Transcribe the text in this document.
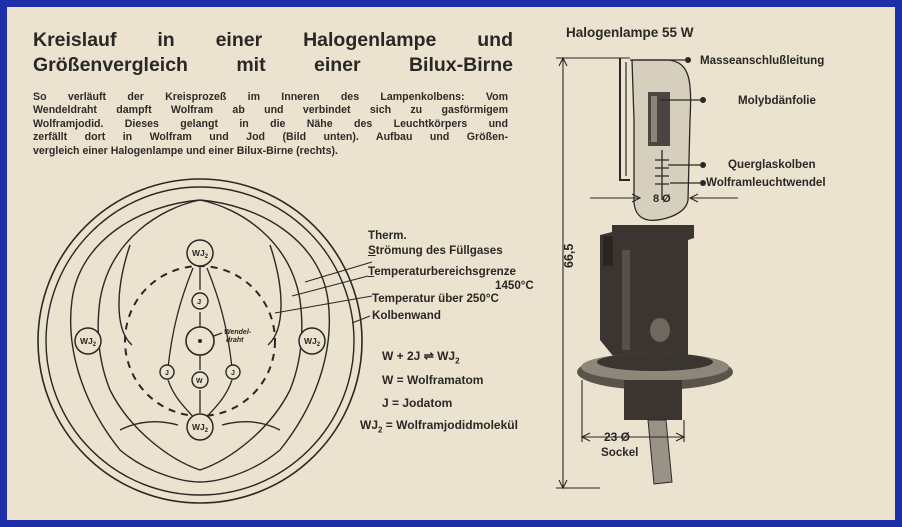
Kreislauf in einer Halogenlampe und
Größenvergleich mit einer Bilux-Birne

So verläuft der Kreisprozeß im Inneren des Lampenkolbens: Vom
Wendeldraht dampft Wolfram ab und verbindet sich zu gasförmigem
Wolframjodid. Dieses gelangt in die Nähe des Leuchtkörpers und
zerfällt dort in Wolfram und Jod (Bild unten). Aufbau und Größen-
vergleich einer Halogenlampe und einer Bilux-Birne (rechts).

$WJ_2$
$WJ_2$
$WJ_2$	$WJ_2$
J
W
J	J
Wendel-
draht
Therm.
Strömung des Füllgases
Temperaturbereichsgrenze
1450°C
Temperatur über 250°C
Kolbenwand
W + 2J ⇌ $WJ_2$
W = Wolframatom
J = Jodatom
$WJ_2$ = Wolframjodidmolekül
Halogenlampe 55 W
Masseanschlußleitung
Molybdänfolie
Querglaskolben
Wolframleuchtwendel
8 Ø
66,5
23 Ø
Sockel
